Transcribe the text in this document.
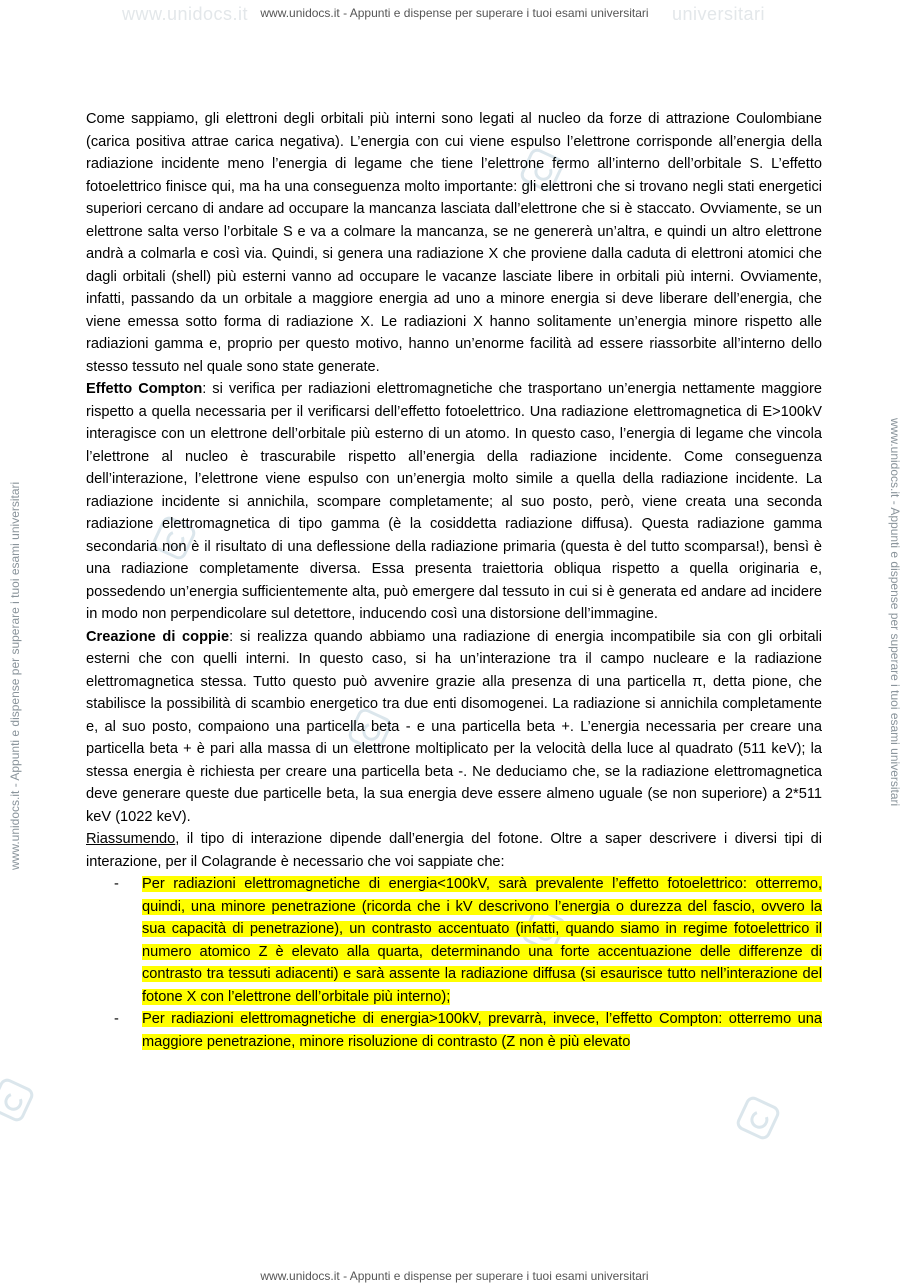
www.unidocs.it - Appunti e dispense per superare i tuoi esami universitari
www.unidocs.it	universitari
www.unidocs.it - Appunti e dispense per superare i tuoi esami universitari	www.unidocs.it - Appunti e dispense per superare i tuoi esami universitari

Come sappiamo, gli elettroni degli orbitali più interni sono legati al nucleo da forze di attrazione Coulombiane (carica positiva attrae carica negativa). L’energia con cui viene espulso l’elettrone corrisponde all’energia della radiazione incidente meno l’energia di legame che tiene l’elettrone fermo all’interno dell’orbitale S. L’effetto fotoelettrico finisce qui, ma ha una conseguenza molto importante: gli elettroni che si trovano negli stati energetici superiori cercano di andare ad occupare la mancanza lasciata dall’elettrone che si è staccato. Ovviamente, se un elettrone salta verso l’orbitale S e va a colmare la mancanza, se ne genererà un’altra, e quindi un altro elettrone andrà a colmarla e così via. Quindi, si genera una radiazione X che proviene dalla caduta di elettroni atomici che dagli orbitali (shell) più esterni vanno ad occupare le vacanze lasciate libere in orbitali più interni. Ovviamente, infatti, passando da un orbitale a maggiore energia ad uno a minore energia si deve liberare dell’energia, che viene emessa sotto forma di radiazione X. Le radiazioni X hanno solitamente un’energia minore rispetto alle radiazioni gamma e, proprio per questo motivo, hanno un’enorme facilità ad essere riassorbite all’interno dello stesso tessuto nel quale sono state generate.

Effetto Compton: si verifica per radiazioni elettromagnetiche che trasportano un’energia nettamente maggiore rispetto a quella necessaria per il verificarsi dell’effetto fotoelettrico. Una radiazione elettromagnetica di E>100kV interagisce con un elettrone dell’orbitale più esterno di un atomo. In questo caso, l’energia di legame che vincola l’elettrone al nucleo è trascurabile rispetto all’energia della radiazione incidente. Come conseguenza dell’interazione, l’elettrone viene espulso con un’energia molto simile a quella della radiazione incidente. La radiazione incidente si annichila, scompare completamente; al suo posto, però, viene creata una seconda radiazione elettromagnetica di tipo gamma (è la cosiddetta radiazione diffusa). Questa radiazione gamma secondaria non è il risultato di una deflessione della radiazione primaria (questa è del tutto scomparsa!), bensì è una radiazione completamente diversa. Essa presenta traiettoria obliqua rispetto a quella originaria e, possedendo un’energia sufficientemente alta, può emergere dal tessuto in cui si è generata ed andare ad incidere in modo non perpendicolare sul detettore, inducendo così una distorsione dell’immagine.

Creazione di coppie: si realizza quando abbiamo una radiazione di energia incompatibile sia con gli orbitali esterni che con quelli interni. In questo caso, si ha un’interazione tra il campo nucleare e la radiazione elettromagnetica stessa. Tutto questo può avvenire grazie alla presenza di una particella π, detta pione, che stabilisce la possibilità di scambio energetico tra due enti disomogenei. La radiazione si annichila completamente e, al suo posto, compaiono una particella beta - e una particella beta +. L’energia necessaria per creare una particella beta + è pari alla massa di un elettrone moltiplicato per la velocità della luce al quadrato (511 keV); la stessa energia è richiesta per creare una particella beta -. Ne deduciamo che, se la radiazione elettromagnetica deve generare queste due particelle beta, la sua energia deve essere almeno uguale (se non superiore) a 2*511 keV (1022 keV).

Riassumendo, il tipo di interazione dipende dall’energia del fotone. Oltre a saper descrivere i diversi tipi di interazione, per il Colagrande è necessario che voi sappiate che:

- Per radiazioni elettromagnetiche di energia<100kV, sarà prevalente l’effetto fotoelettrico: otterremo, quindi, una minore penetrazione (ricorda che i kV descrivono l’energia o durezza del fascio, ovvero la sua capacità di penetrazione), un contrasto accentuato (infatti, quando siamo in regime fotoelettrico il numero atomico Z è elevato alla quarta, determinando una forte accentuazione delle differenze di contrasto tra tessuti adiacenti) e sarà assente la radiazione diffusa (si esaurisce tutto nell’interazione del fotone X con l’elettrone dell’orbitale più interno);
- Per radiazioni elettromagnetiche di energia>100kV, prevarrà, invece, l’effetto Compton: otterremo una maggiore penetrazione, minore risoluzione di contrasto (Z non è più elevato
www.unidocs.it - Appunti e dispense per superare i tuoi esami universitari
